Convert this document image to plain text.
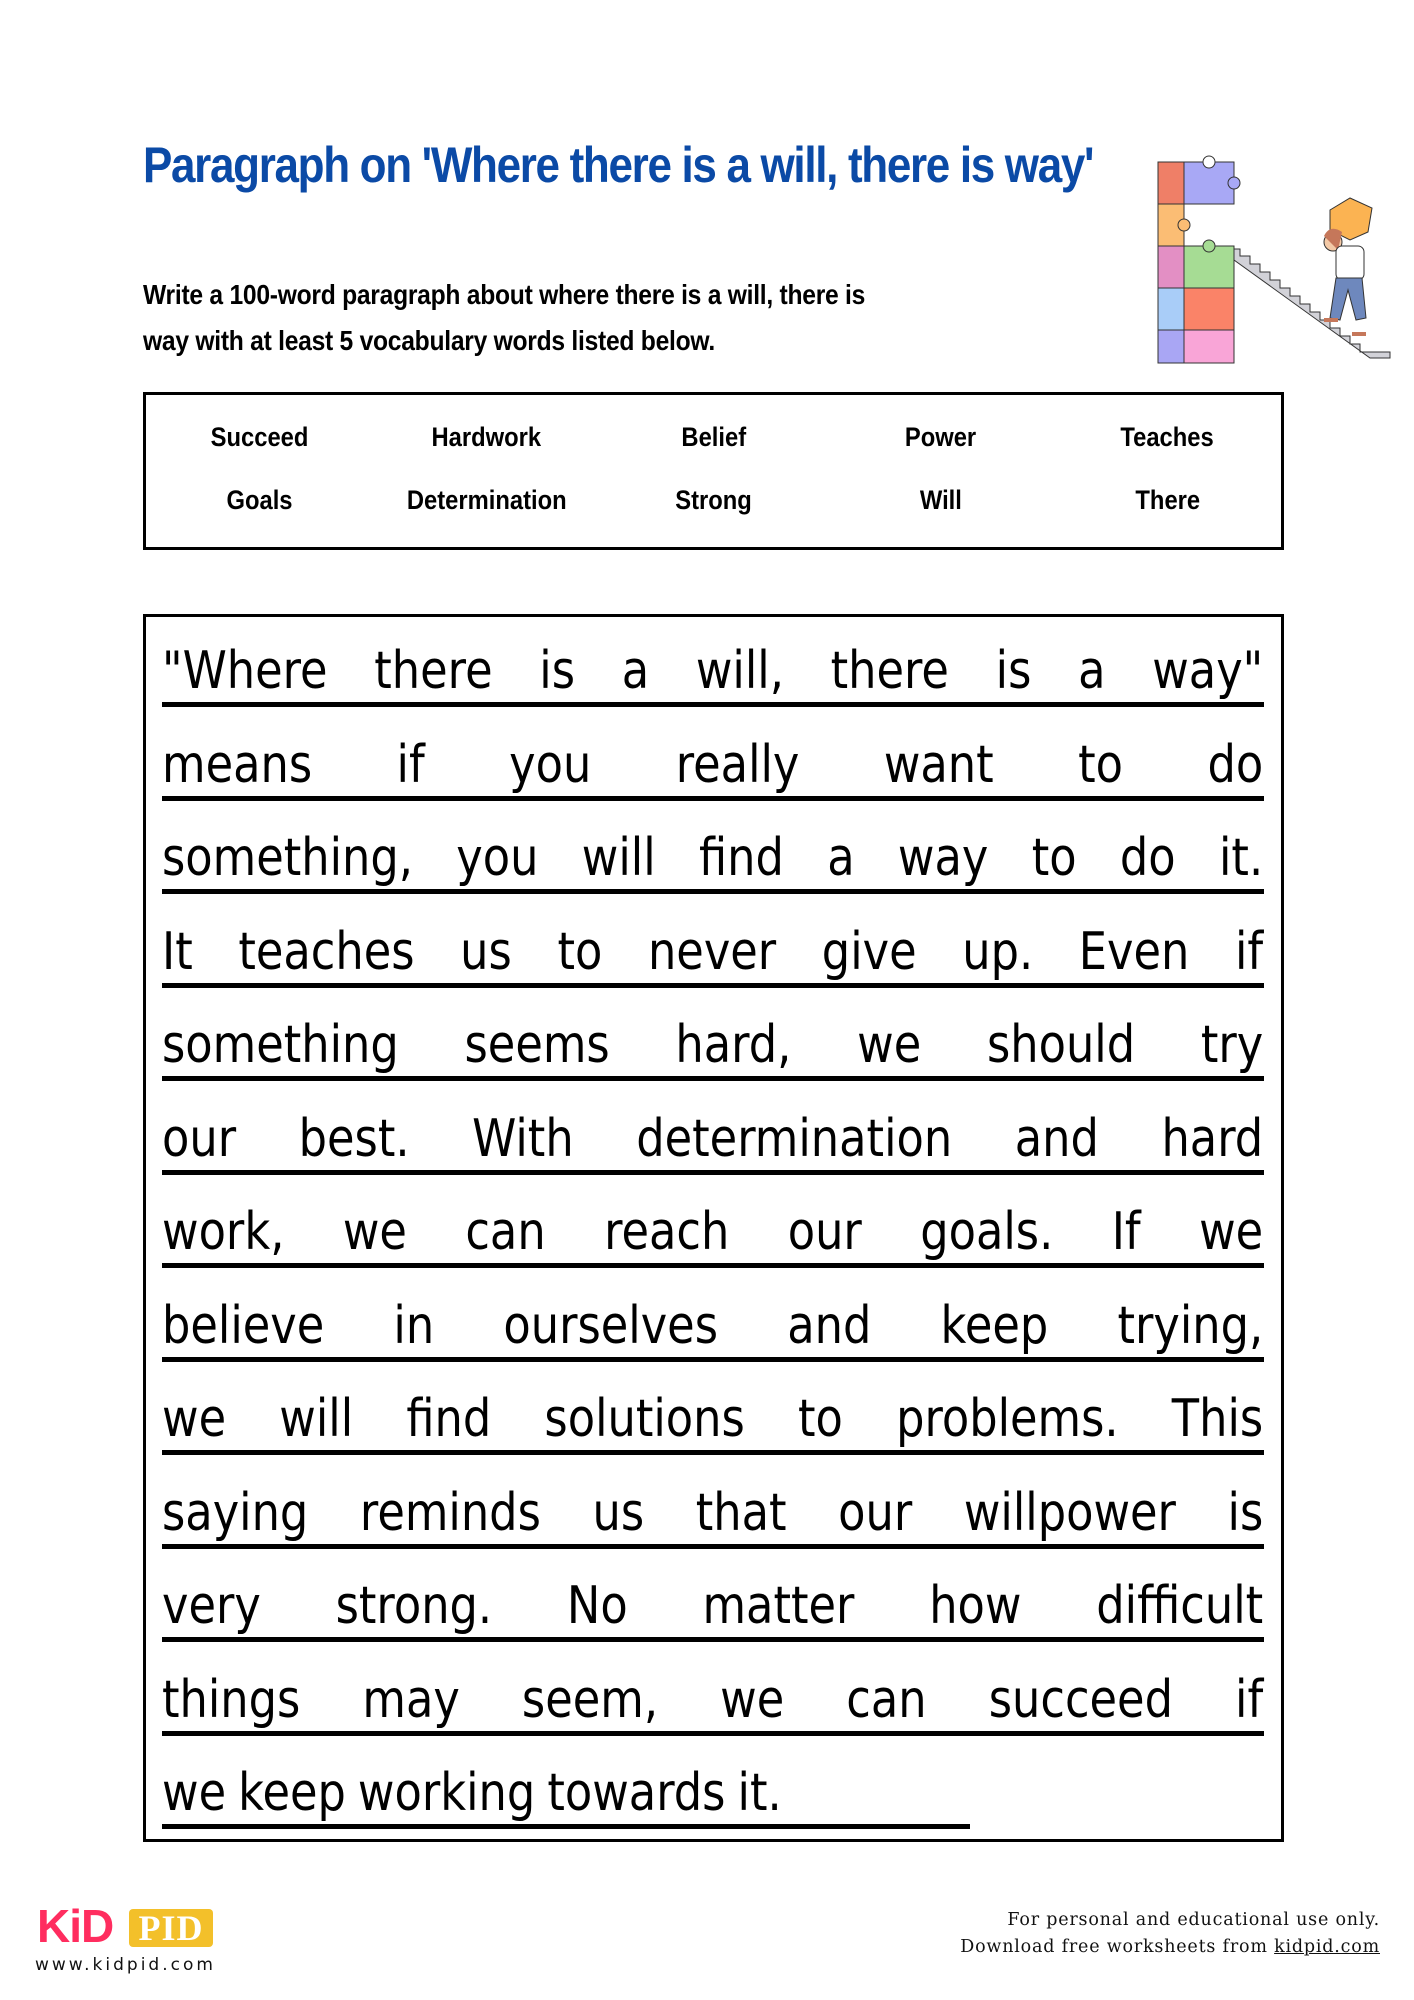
Paragraph on 'Where there is a will, there is way'
Write a 100-word paragraph about where there is a will, there is
way with at least 5 vocabulary words listed below.
Succeed	Hardwork	Belief	Power	Teaches
Goals	Determination	Strong	Will	There
"Where there is a will, there is a way"
means if you really want to do
something, you will find a way to do it.
It teaches us to never give up. Even if
something seems hard, we should try
our best. With determination and hard
work, we can reach our goals. If we
believe in ourselves and keep trying,
we will find solutions to problems. This
saying reminds us that our willpower is
very strong. No matter how difficult
things may seem, we can succeed if
we keep working towards it.
KiD PID
www.kidpid.com
For personal and educational use only.
Download free worksheets from kidpid.com
